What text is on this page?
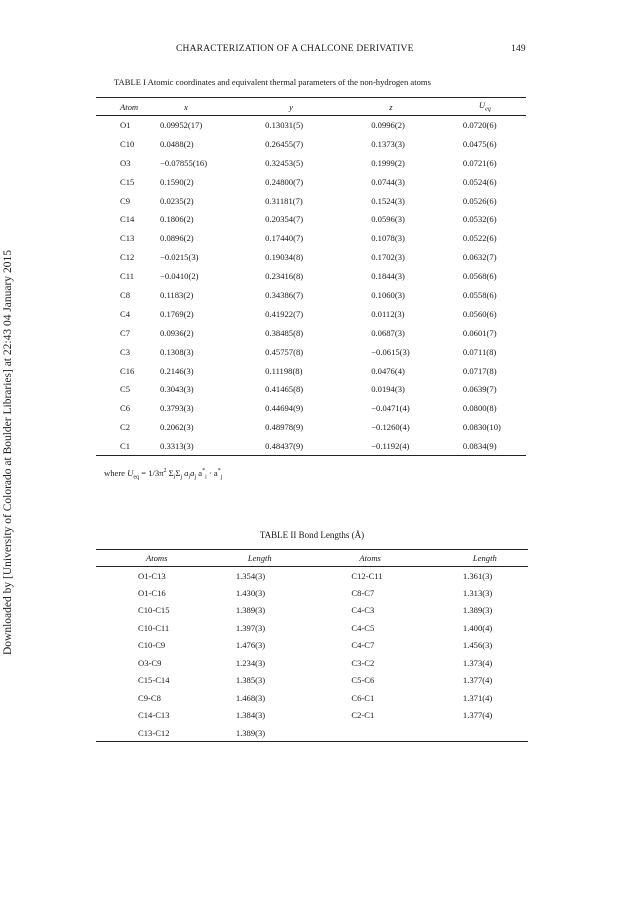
CHARACTERIZATION OF A CHALCONE DERIVATIVE	149
Downloaded by [University of Colorado at Boulder Libraries] at 22:43 04 January 2015
TABLE I Atomic coordinates and equivalent thermal parameters of the non-hydrogen atoms
Atom	x	y	z	$U_{eq}$
O1	0.09952(17)	0.13031(5)	0.0996(2)	0.0720(6)
C10	0.0488(2)	0.26455(7)	0.1373(3)	0.0475(6)
O3	−0.07855(16)	0.32453(5)	0.1999(2)	0.0721(6)
C15	0.1590(2)	0.24800(7)	0.0744(3)	0.0524(6)
C9	0.0235(2)	0.31181(7)	0.1524(3)	0.0526(6)
C14	0.1806(2)	0.20354(7)	0.0596(3)	0.0532(6)
C13	0.0896(2)	0.17440(7)	0.1078(3)	0.0522(6)
C12	−0.0215(3)	0.19034(8)	0.1702(3)	0.0632(7)
C11	−0.0410(2)	0.23416(8)	0.1844(3)	0.0568(6)
C8	0.1183(2)	0.34386(7)	0.1060(3)	0.0558(6)
C4	0.1769(2)	0.41922(7)	0.0112(3)	0.0560(6)
C7	0.0936(2)	0.38485(8)	0.0687(3)	0.0601(7)
C3	0.1308(3)	0.45757(8)	−0.0615(3)	0.0711(8)
C16	0.2146(3)	0.11198(8)	0.0476(4)	0.0717(8)
C5	0.3043(3)	0.41465(8)	0.0194(3)	0.0639(7)
C6	0.3793(3)	0.44694(9)	−0.0471(4)	0.0800(8)
C2	0.2062(3)	0.48978(9)	−0.1260(4)	0.0830(10)
C1	0.3313(3)	0.48437(9)	−0.1192(4)	0.0834(9)
where $U_{eq} = 1/3\pi^2$ $\Sigma_i\Sigma_j$ $a_ia_j$ $a^*_i \cdot a^*_j$
TABLE II Bond Lengths (Å)
Atoms	Length	Atoms	Length
O1-C13	1.354(3)	C12-C11	1.361(3)
O1-C16	1.430(3)	C8-C7	1.313(3)
C10-C15	1.389(3)	C4-C3	1.389(3)
C10-C11	1.397(3)	C4-C5	1.400(4)
C10-C9	1.476(3)	C4-C7	1.456(3)
O3-C9	1.234(3)	C3-C2	1.373(4)
C15-C14	1.385(3)	C5-C6	1.377(4)
C9-C8	1.468(3)	C6-C1	1.371(4)
C14-C13	1.384(3)	C2-C1	1.377(4)
C13-C12	1.389(3)		
